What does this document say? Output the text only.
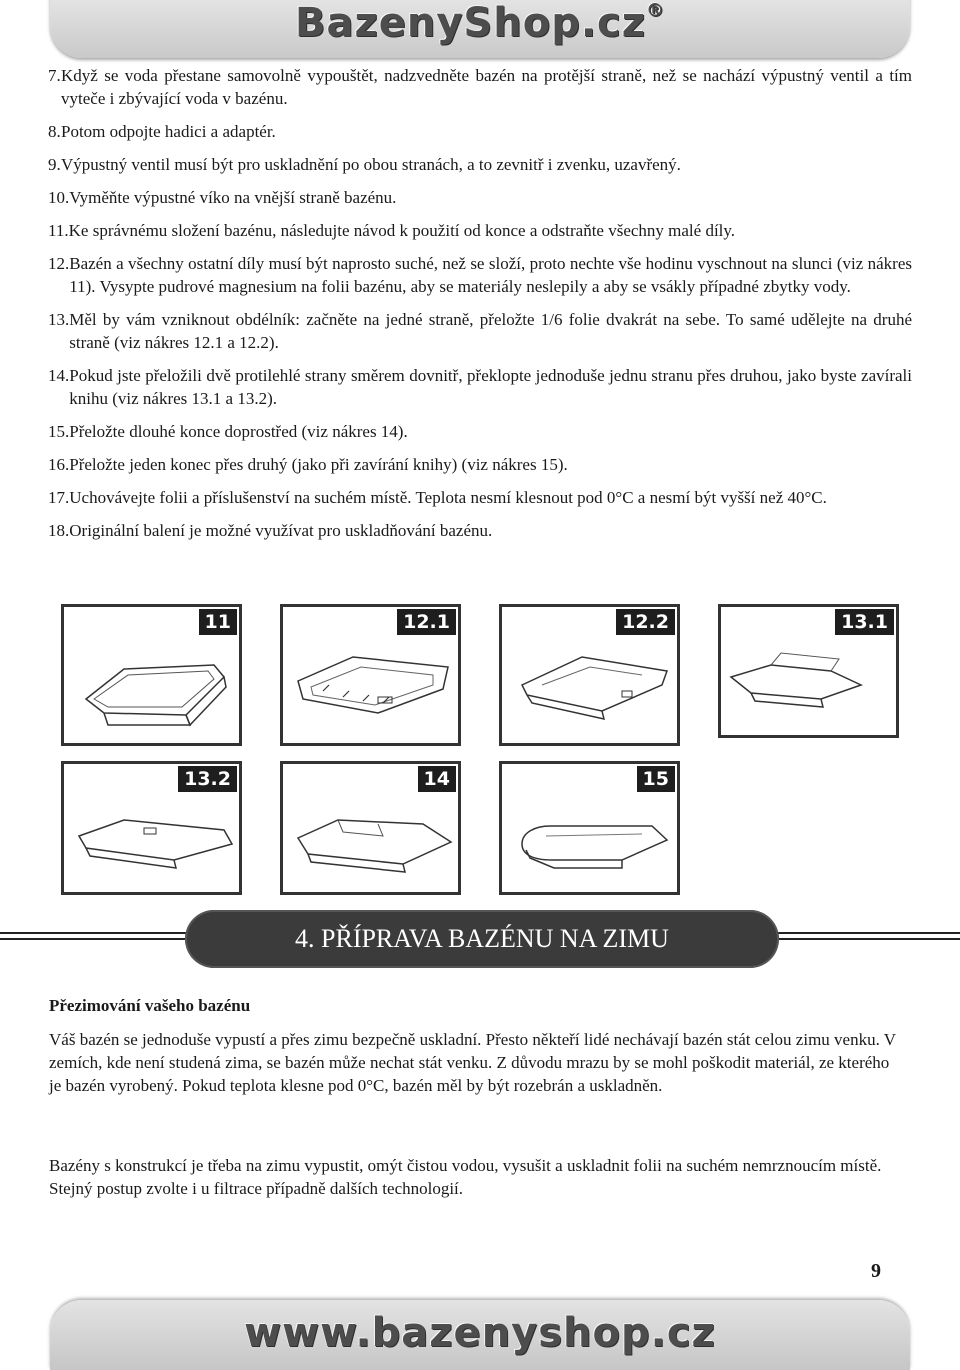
BazenyShop.cz®
7. Když se voda přestane samovolně vypouštět, nadzvedněte bazén na protější straně, než se nachází výpustný ventil a tím vyteče i zbývající voda v bazénu.
8. Potom odpojte hadici a adaptér.
9. Výpustný ventil musí být pro uskladnění po obou stranách, a to zevnitř i zvenku, uzavřený.
10. Vyměňte výpustné víko na vnější straně bazénu.
11. Ke správnému složení bazénu, následujte návod k použití od konce a odstraňte všechny malé díly.
12. Bazén a všechny ostatní díly musí být naprosto suché, než se složí, proto nechte vše hodinu vyschnout na slunci (viz nákres 11). Vysypte pudrové magnesium na folii bazénu, aby se materiály neslepily a aby se vsákly případné zbytky vody.
13. Měl by vám vzniknout obdélník: začněte na jedné straně, přeložte 1/6 folie dvakrát na sebe. To samé udělejte na druhé straně (viz nákres 12.1 a 12.2).
14. Pokud jste přeložili dvě protilehlé strany směrem dovnitř, překlopte jednoduše jednu stranu přes druhou, jako byste zavírali knihu (viz nákres 13.1 a 13.2).
15. Přeložte dlouhé konce doprostřed (viz nákres 14).
16. Přeložte jeden konec přes druhý (jako při zavírání knihy) (viz nákres 15).
17. Uchovávejte folii a příslušenství na suchém místě. Teplota nesmí klesnout pod 0°C a nesmí být vyšší než 40°C.
18. Originální balení je možné využívat pro uskladňování bazénu.
11	12.1	12.2	13.1
13.2	14	15
4. PŘÍPRAVA BAZÉNU NA ZIMU
Přezimování vašeho bazénu
Váš bazén se jednoduše vypustí a přes zimu bezpečně uskladní. Přesto někteří lidé nechávají bazén stát celou zimu venku. V zemích, kde není studená zima, se bazén může nechat stát venku. Z důvodu mrazu by se mohl poškodit materiál, ze kterého je bazén vyrobený. Pokud teplota klesne pod 0°C, bazén měl by být rozebrán a uskladněn.
Bazény s konstrukcí je třeba na zimu vypustit, omýt čistou vodou, vysušit a uskladnit folii na suchém nemrznoucím místě. Stejný postup zvolte i u filtrace případně dalších technologií.
9
www.bazenyshop.cz
